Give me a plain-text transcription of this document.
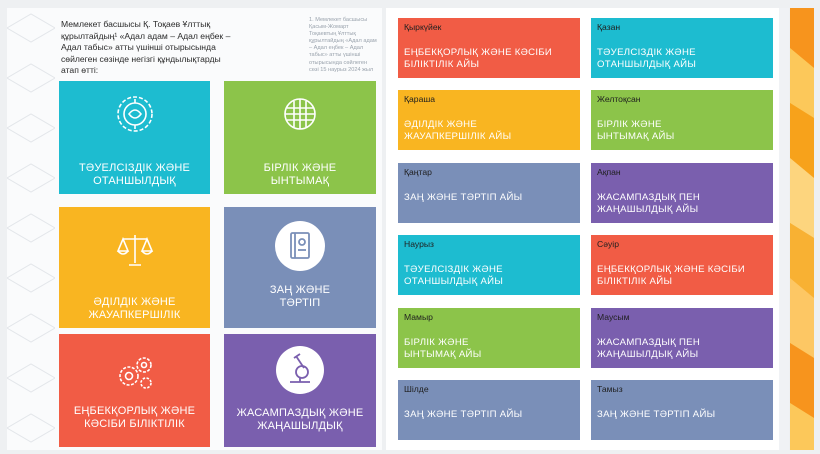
Мемлекет басшысы Қ. Тоқаев Ұлттық құрылтайдың¹ «Адал адам – Адал еңбек – Адал табыс» атты үшінші отырысында сөйлеген сөзінде негізгі құндылықтарды атап өтті:

1. Мемлекет басшысы Қасым-Жомарт Тоқаевтың Ұлттық құрылтайдың «Адал адам – Адал еңбек – Адал табыс» атты үшінші отырысында сөйлеген сөзі 15 наурыз 2024 жыл

ТӘУЕЛСІЗДІК ЖӘНЕ
ОТАНШЫЛДЫҚ
БІРЛІК ЖӘНЕ
ЫНТЫМАҚ
ӘДІЛДІК ЖӘНЕ
ЖАУАПКЕРШІЛІК
ЗАҢ ЖӘНЕ
ТӘРТІП
ЕҢБЕКҚОРЛЫҚ ЖӘНЕ
КӘСІБИ БІЛІКТІЛІК
ЖАСАМПАЗДЫҚ ЖӘНЕ
ЖАҢАШЫЛДЫҚ
Қыркүйек
ЕҢБЕКҚОРЛЫҚ ЖӘНЕ КӘСІБИ
БІЛІКТІЛІК АЙЫ
Қазан
ТӘУЕЛСІЗДІК ЖӘНЕ
ОТАНШЫЛДЫҚ АЙЫ
Қараша
ӘДІЛДІК ЖӘНЕ
ЖАУАПКЕРШІЛІК АЙЫ
Желтоқсан
БІРЛІК ЖӘНЕ
ЫНТЫМАҚ АЙЫ
Қаңтар
ЗАҢ ЖӘНЕ ТӘРТІП АЙЫ
Ақпан
ЖАСАМПАЗДЫҚ ПЕН
ЖАҢАШЫЛДЫҚ АЙЫ
Наурыз
ТӘУЕЛСІЗДІК ЖӘНЕ
ОТАНШЫЛДЫҚ АЙЫ
Сәуір
ЕҢБЕКҚОРЛЫҚ ЖӘНЕ КӘСІБИ
БІЛІКТІЛІК АЙЫ
Мамыр
БІРЛІК ЖӘНЕ
ЫНТЫМАҚ АЙЫ
Маусым
ЖАСАМПАЗДЫҚ ПЕН
ЖАҢАШЫЛДЫҚ АЙЫ
Шілде
ЗАҢ ЖӘНЕ ТӘРТІП АЙЫ
Тамыз
ЗАҢ ЖӘНЕ ТӘРТІП АЙЫ
